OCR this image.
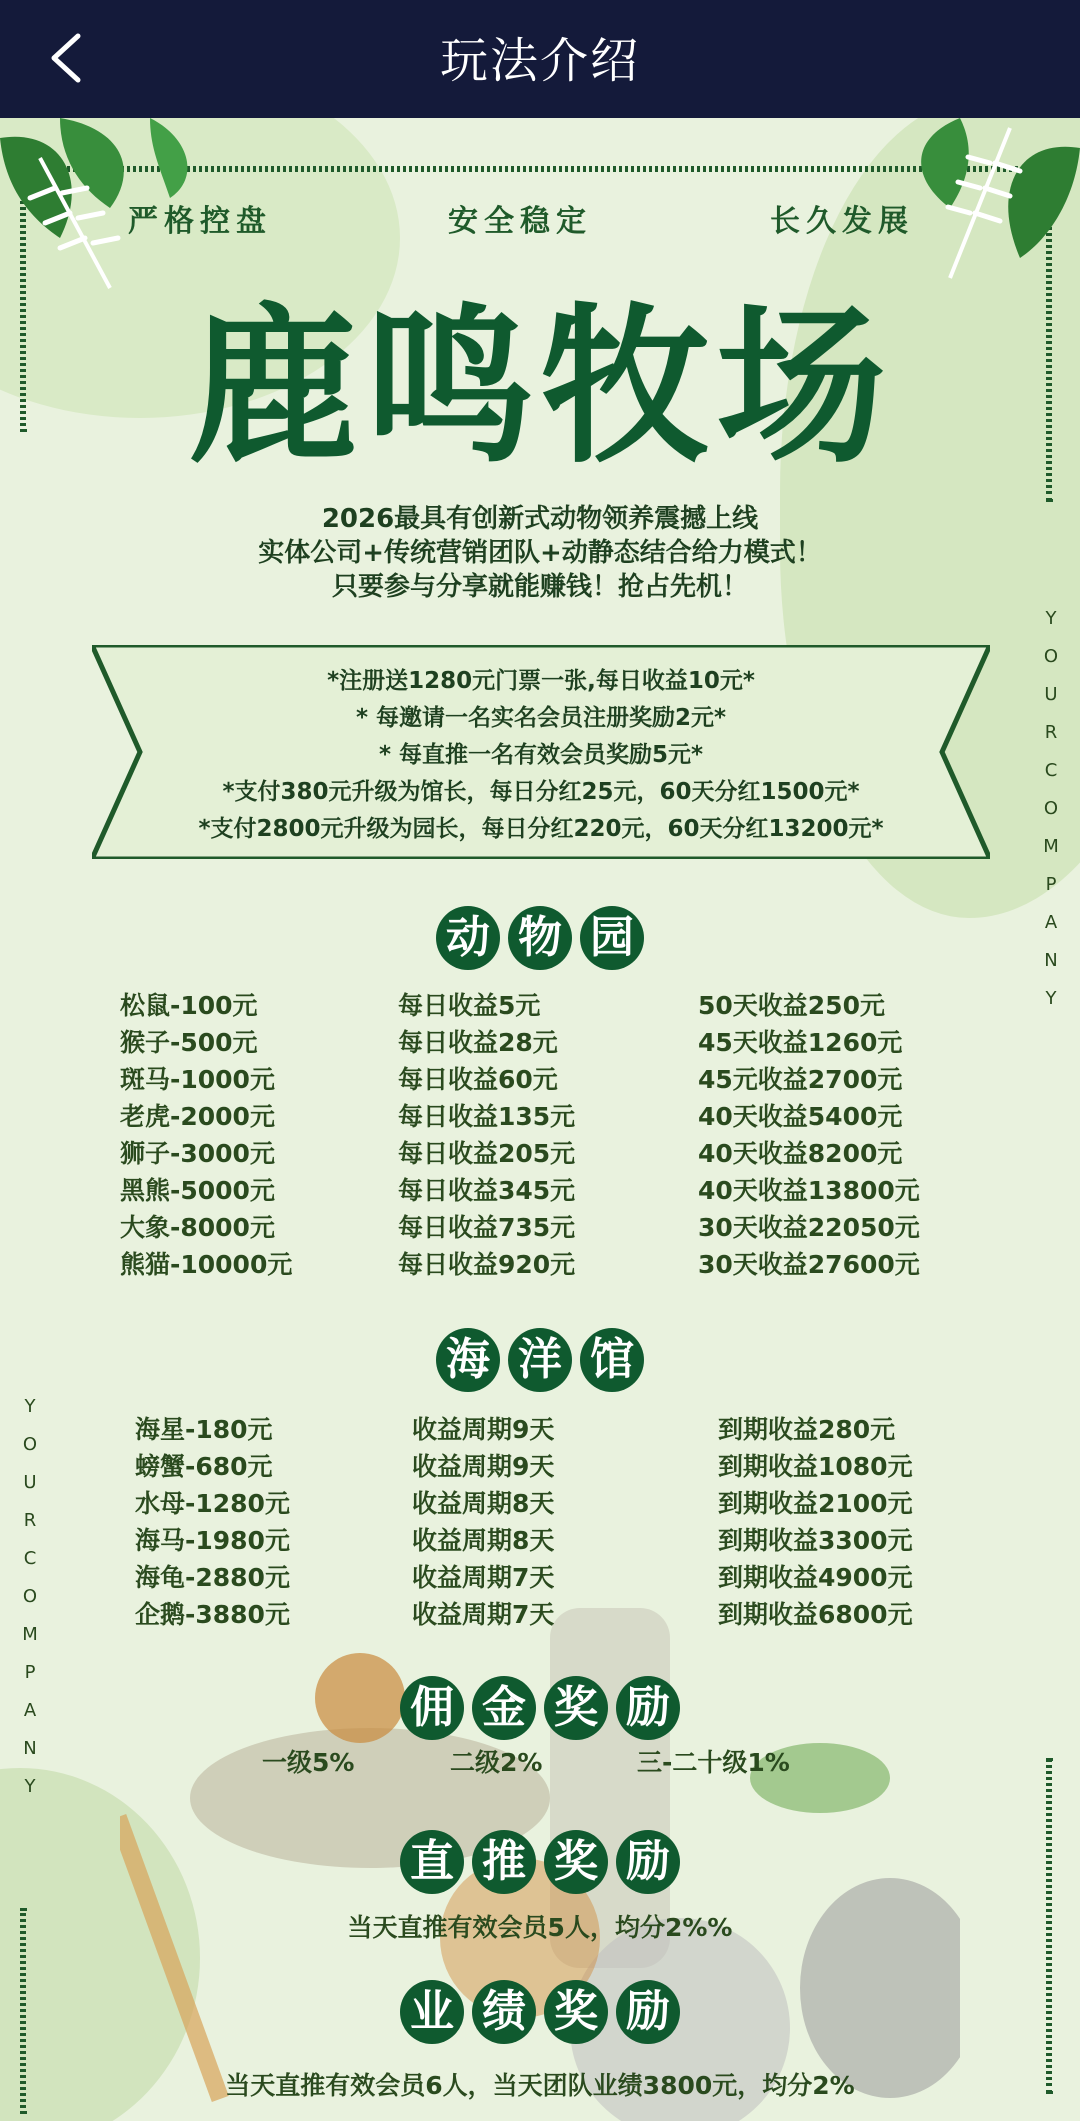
玩法介绍
严格控盘	安全稳定	长久发展
鹿鸣牧场
2026最具有创新式动物领养震撼上线
实体公司+传统营销团队+动静态结合给力模式！
只要参与分享就能赚钱！抢占先机！
*注册送1280元门票一张,每日收益10元*
* 每邀请一名实名会员注册奖励2元*
* 每直推一名有效会员奖励5元*
*支付380元升级为馆长，每日分红25元，60天分红1500元*
*支付2800元升级为园长，每日分红220元，60天分红13200元*
动 物 园
松鼠-100元	每日收益5元	50天收益250元
猴子-500元	每日收益28元	45天收益1260元
斑马-1000元	每日收益60元	45元收益2700元
老虎-2000元	每日收益135元	40天收益5400元
狮子-3000元	每日收益205元	40天收益8200元
黑熊-5000元	每日收益345元	40天收益13800元
大象-8000元	每日收益735元	30天收益22050元
熊猫-10000元	每日收益920元	30天收益27600元
海 洋 馆
海星-180元	收益周期9天	到期收益280元
螃蟹-680元	收益周期9天	到期收益1080元
水母-1280元	收益周期8天	到期收益2100元
海马-1980元	收益周期8天	到期收益3300元
海龟-2880元	收益周期7天	到期收益4900元
企鹅-3880元	收益周期7天	到期收益6800元
佣 金 奖 励
一级5%	二级2%	三-二十级1%
直 推 奖 励
当天直推有效会员5人，均分2%%
业 绩 奖 励
当天直推有效会员6人，当天团队业绩3800元，均分2%
Y
O
U
R
C
O
M
P
A
N
Y
Y
O
U
R
C
O
M
P
A
N
Y
